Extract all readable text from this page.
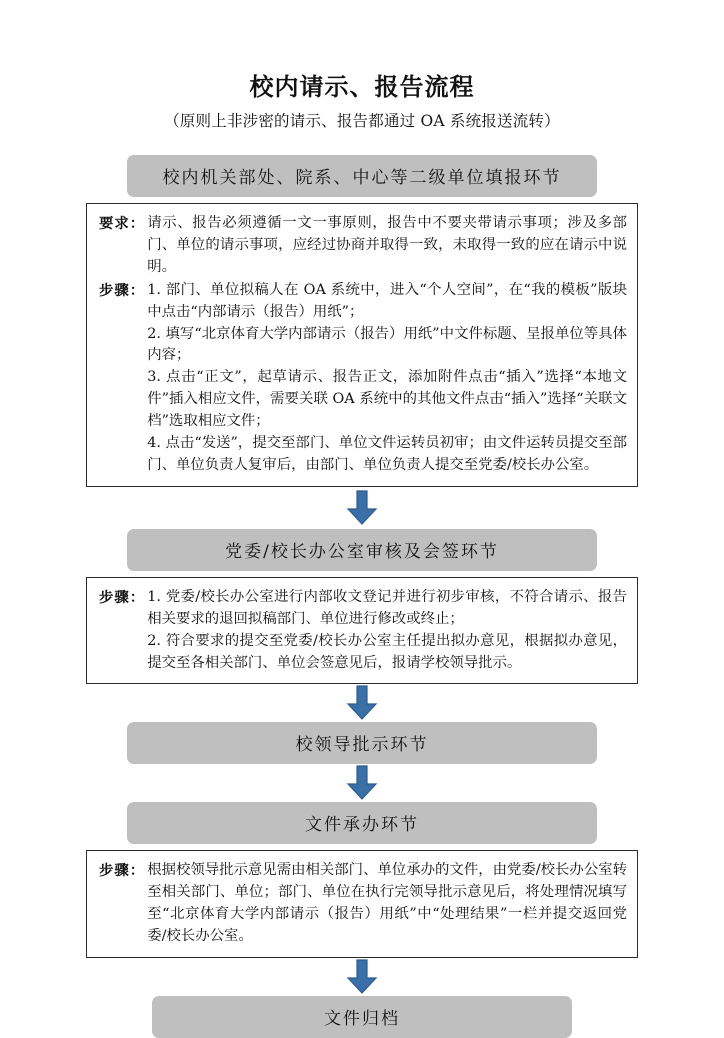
校内请示、报告流程

（原则上非涉密的请示、报告都通过 OA 系统报送流转）

校内机关部处、院系、中心等二级单位填报环节
要求： 请示、报告必须遵循一文一事原则，报告中不要夹带请示事项；涉及多部门、单位的请示事项，应经过协商并取得一致，未取得一致的应在请示中说明。
步骤： 1. 部门、单位拟稿人在 OA 系统中，进入“个人空间”，在“我的模板”版块中点击“内部请示（报告）用纸”；
2. 填写“北京体育大学内部请示（报告）用纸”中文件标题、呈报单位等具体内容；
3. 点击“正文”，起草请示、报告正文，添加附件点击“插入”选择“本地文件”插入相应文件，需要关联 OA 系统中的其他文件点击“插入”选择“关联文档”选取相应文件；
4. 点击“发送”，提交至部门、单位文件运转员初审；由文件运转员提交至部门、单位负责人复审后，由部门、单位负责人提交至党委/校长办公室。
党委/校长办公室审核及会签环节
步骤： 1. 党委/校长办公室进行内部收文登记并进行初步审核，不符合请示、报告相关要求的退回拟稿部门、单位进行修改或终止；
2. 符合要求的提交至党委/校长办公室主任提出拟办意见，根据拟办意见，提交至各相关部门、单位会签意见后，报请学校领导批示。
校领导批示环节
文件承办环节
步骤： 根据校领导批示意见需由相关部门、单位承办的文件，由党委/校长办公室转至相关部门、单位；部门、单位在执行完领导批示意见后，将处理情况填写至“北京体育大学内部请示（报告）用纸”中“处理结果”一栏并提交返回党委/校长办公室。
文件归档
